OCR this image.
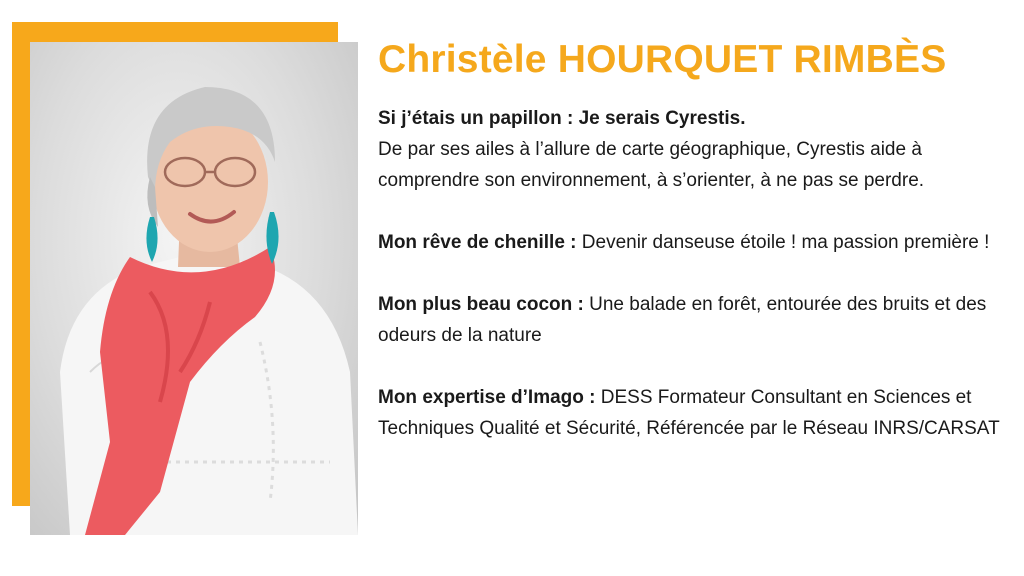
Christèle HOURQUET RIMBÈS

Si j’étais un papillon : Je serais Cyrestis.

De par ses ailes à l’allure de carte géographique, Cyrestis aide à comprendre son environnement, à s’orienter, à ne pas se perdre.

Mon rêve de chenille : Devenir danseuse étoile ! ma passion première !

Mon plus beau cocon : Une balade en forêt, entourée des bruits et des odeurs de la nature

Mon expertise d’Imago : DESS Formateur Consultant en Sciences et Techniques Qualité et Sécurité, Référencée par le Réseau INRS/CARSAT
